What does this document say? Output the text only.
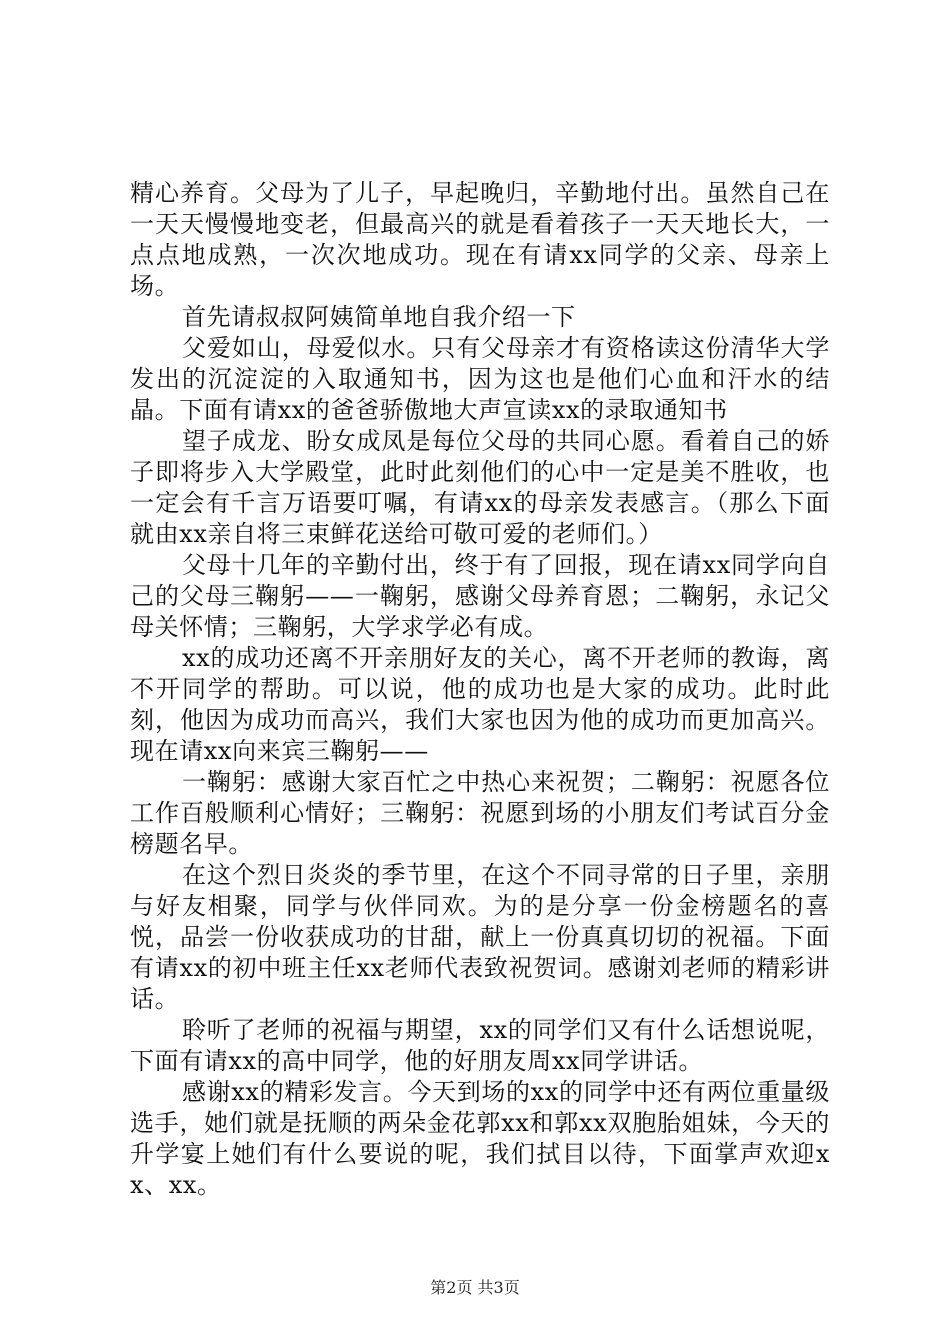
精心养育。父母为了儿子，早起晚归，辛勤地付出。虽然自己在一天天慢慢地变老，但最高兴的就是看着孩子一天天地长大，一点点地成熟，一次次地成功。现在有请xx同学的父亲、母亲上场。

首先请叔叔阿姨简单地自我介绍一下

父爱如山，母爱似水。只有父母亲才有资格读这份清华大学发出的沉淀淀的入取通知书，因为这也是他们心血和汗水的结晶。下面有请xx的爸爸骄傲地大声宣读xx的录取通知书

望子成龙、盼女成凤是每位父母的共同心愿。看着自己的娇子即将步入大学殿堂，此时此刻他们的心中一定是美不胜收，也一定会有千言万语要叮嘱，有请xx的母亲发表感言。（那么下面就由xx亲自将三束鲜花送给可敬可爱的老师们。）

父母十几年的辛勤付出，终于有了回报，现在请xx同学向自己的父母三鞠躬——一鞠躬，感谢父母养育恩；二鞠躬，永记父母关怀情；三鞠躬，大学求学必有成。

xx的成功还离不开亲朋好友的关心，离不开老师的教诲，离不开同学的帮助。可以说，他的成功也是大家的成功。此时此刻，他因为成功而高兴，我们大家也因为他的成功而更加高兴。现在请xx向来宾三鞠躬——

一鞠躬：感谢大家百忙之中热心来祝贺；二鞠躬：祝愿各位工作百般顺利心情好；三鞠躬：祝愿到场的小朋友们考试百分金榜题名早。

在这个烈日炎炎的季节里，在这个不同寻常的日子里，亲朋与好友相聚，同学与伙伴同欢。为的是分享一份金榜题名的喜悦，品尝一份收获成功的甘甜，献上一份真真切切的祝福。下面有请xx的初中班主任xx老师代表致祝贺词。感谢刘老师的精彩讲话。

聆听了老师的祝福与期望，xx的同学们又有什么话想说呢，下面有请xx的高中同学，他的好朋友周xx同学讲话。

感谢xx的精彩发言。今天到场的xx的同学中还有两位重量级选手，她们就是抚顺的两朵金花郭xx和郭xx双胞胎姐妹，今天的升学宴上她们有什么要说的呢，我们拭目以待，下面掌声欢迎xx、xx。

第2页 共3页
